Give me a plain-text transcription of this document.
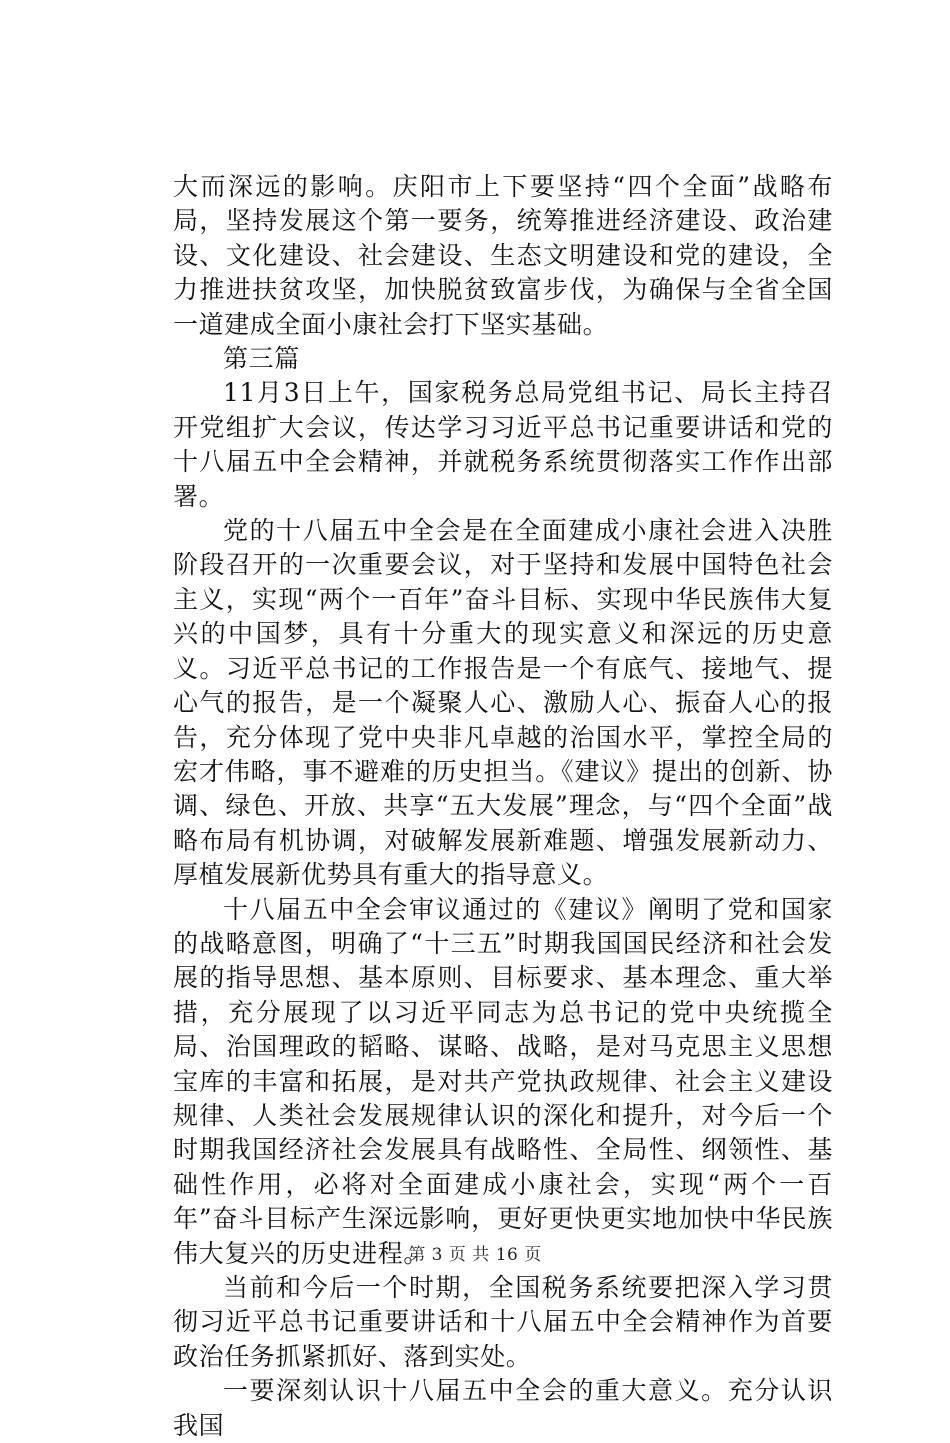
大而深远的影响。庆阳市上下要坚持“四个全面”战略布局，坚持发展这个第一要务，统筹推进经济建设、政治建设、文化建设、社会建设、生态文明建设和党的建设，全力推进扶贫攻坚，加快脱贫致富步伐，为确保与全省全国一道建成全面小康社会打下坚实基础。

第三篇

11月3日上午，国家税务总局党组书记、局长主持召开党组扩大会议，传达学习习近平总书记重要讲话和党的十八届五中全会精神，并就税务系统贯彻落实工作作出部署。

党的十八届五中全会是在全面建成小康社会进入决胜阶段召开的一次重要会议，对于坚持和发展中国特色社会主义，实现“两个一百年”奋斗目标、实现中华民族伟大复兴的中国梦，具有十分重大的现实意义和深远的历史意义。习近平总书记的工作报告是一个有底气、接地气、提心气的报告，是一个凝聚人心、激励人心、振奋人心的报告，充分体现了党中央非凡卓越的治国水平，掌控全局的宏才伟略，事不避难的历史担当。《建议》提出的创新、协调、绿色、开放、共享“五大发展”理念，与“四个全面”战略布局有机协调，对破解发展新难题、增强发展新动力、厚植发展新优势具有重大的指导意义。

十八届五中全会审议通过的《建议》阐明了党和国家的战略意图，明确了“十三五”时期我国国民经济和社会发展的指导思想、基本原则、目标要求、基本理念、重大举措，充分展现了以习近平同志为总书记的党中央统揽全局、治国理政的韬略、谋略、战略，是对马克思主义思想宝库的丰富和拓展，是对共产党执政规律、社会主义建设规律、人类社会发展规律认识的深化和提升，对今后一个时期我国经济社会发展具有战略性、全局性、纲领性、基础性作用，必将对全面建成小康社会，实现“两个一百年”奋斗目标产生深远影响，更好更快更实地加快中华民族伟大复兴的历史进程。

当前和今后一个时期，全国税务系统要把深入学习贯彻习近平总书记重要讲话和十八届五中全会精神作为首要政治任务抓紧抓好、落到实处。

一要深刻认识十八届五中全会的重大意义。充分认识我国

第 3 页 共 16 页
